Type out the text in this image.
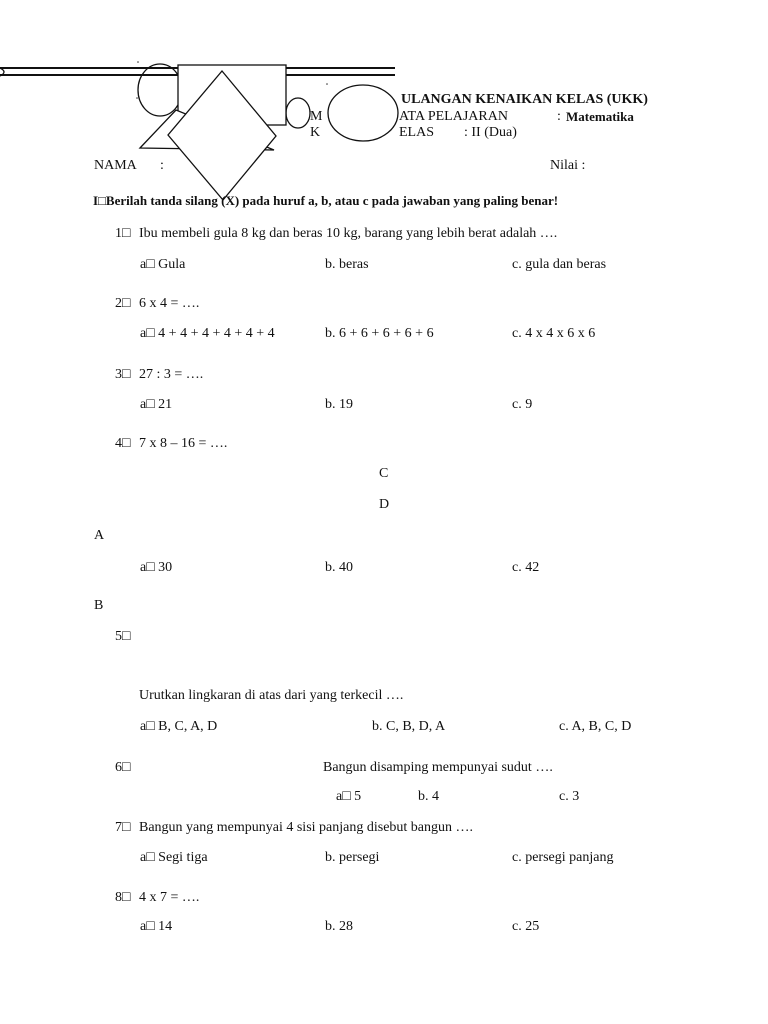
ULANGAN KENAIKAN KELAS (UKK)
M	ATA PELAJARAN	: Matematika
K	ELAS : II (Dua)
NAMA :	Nilai :
I□Berilah tanda silang (X) pada huruf a, b, atau c pada jawaban yang paling benar!
1□ Ibu membeli gula 8 kg dan beras 10 kg, barang yang lebih berat adalah ….
a□ Gula	b. beras	c. gula dan beras
2□ 6 x 4 = ….
a□ 4 + 4 + 4 + 4 + 4 + 4	b. 6 + 6 + 6 + 6 + 6	c. 4 x 4 x 6 x 6
3□ 27 : 3 = ….
a□ 21	b. 19	c. 9
4□ 7 x 8 – 16 = ….
C
D
A
a□ 30	b. 40	c. 42
B
5□
Urutkan lingkaran di atas dari yang terkecil ….
a□ B, C, A, D	b. C, B, D, A	c. A, B, C, D
6□	Bangun disamping mempunyai sudut ….
a□ 5	b. 4	c. 3
7□ Bangun yang mempunyai 4 sisi panjang disebut bangun ….
a□ Segi tiga	b. persegi	c. persegi panjang
8□ 4 x 7 = ….
a□ 14	b. 28	c. 25
